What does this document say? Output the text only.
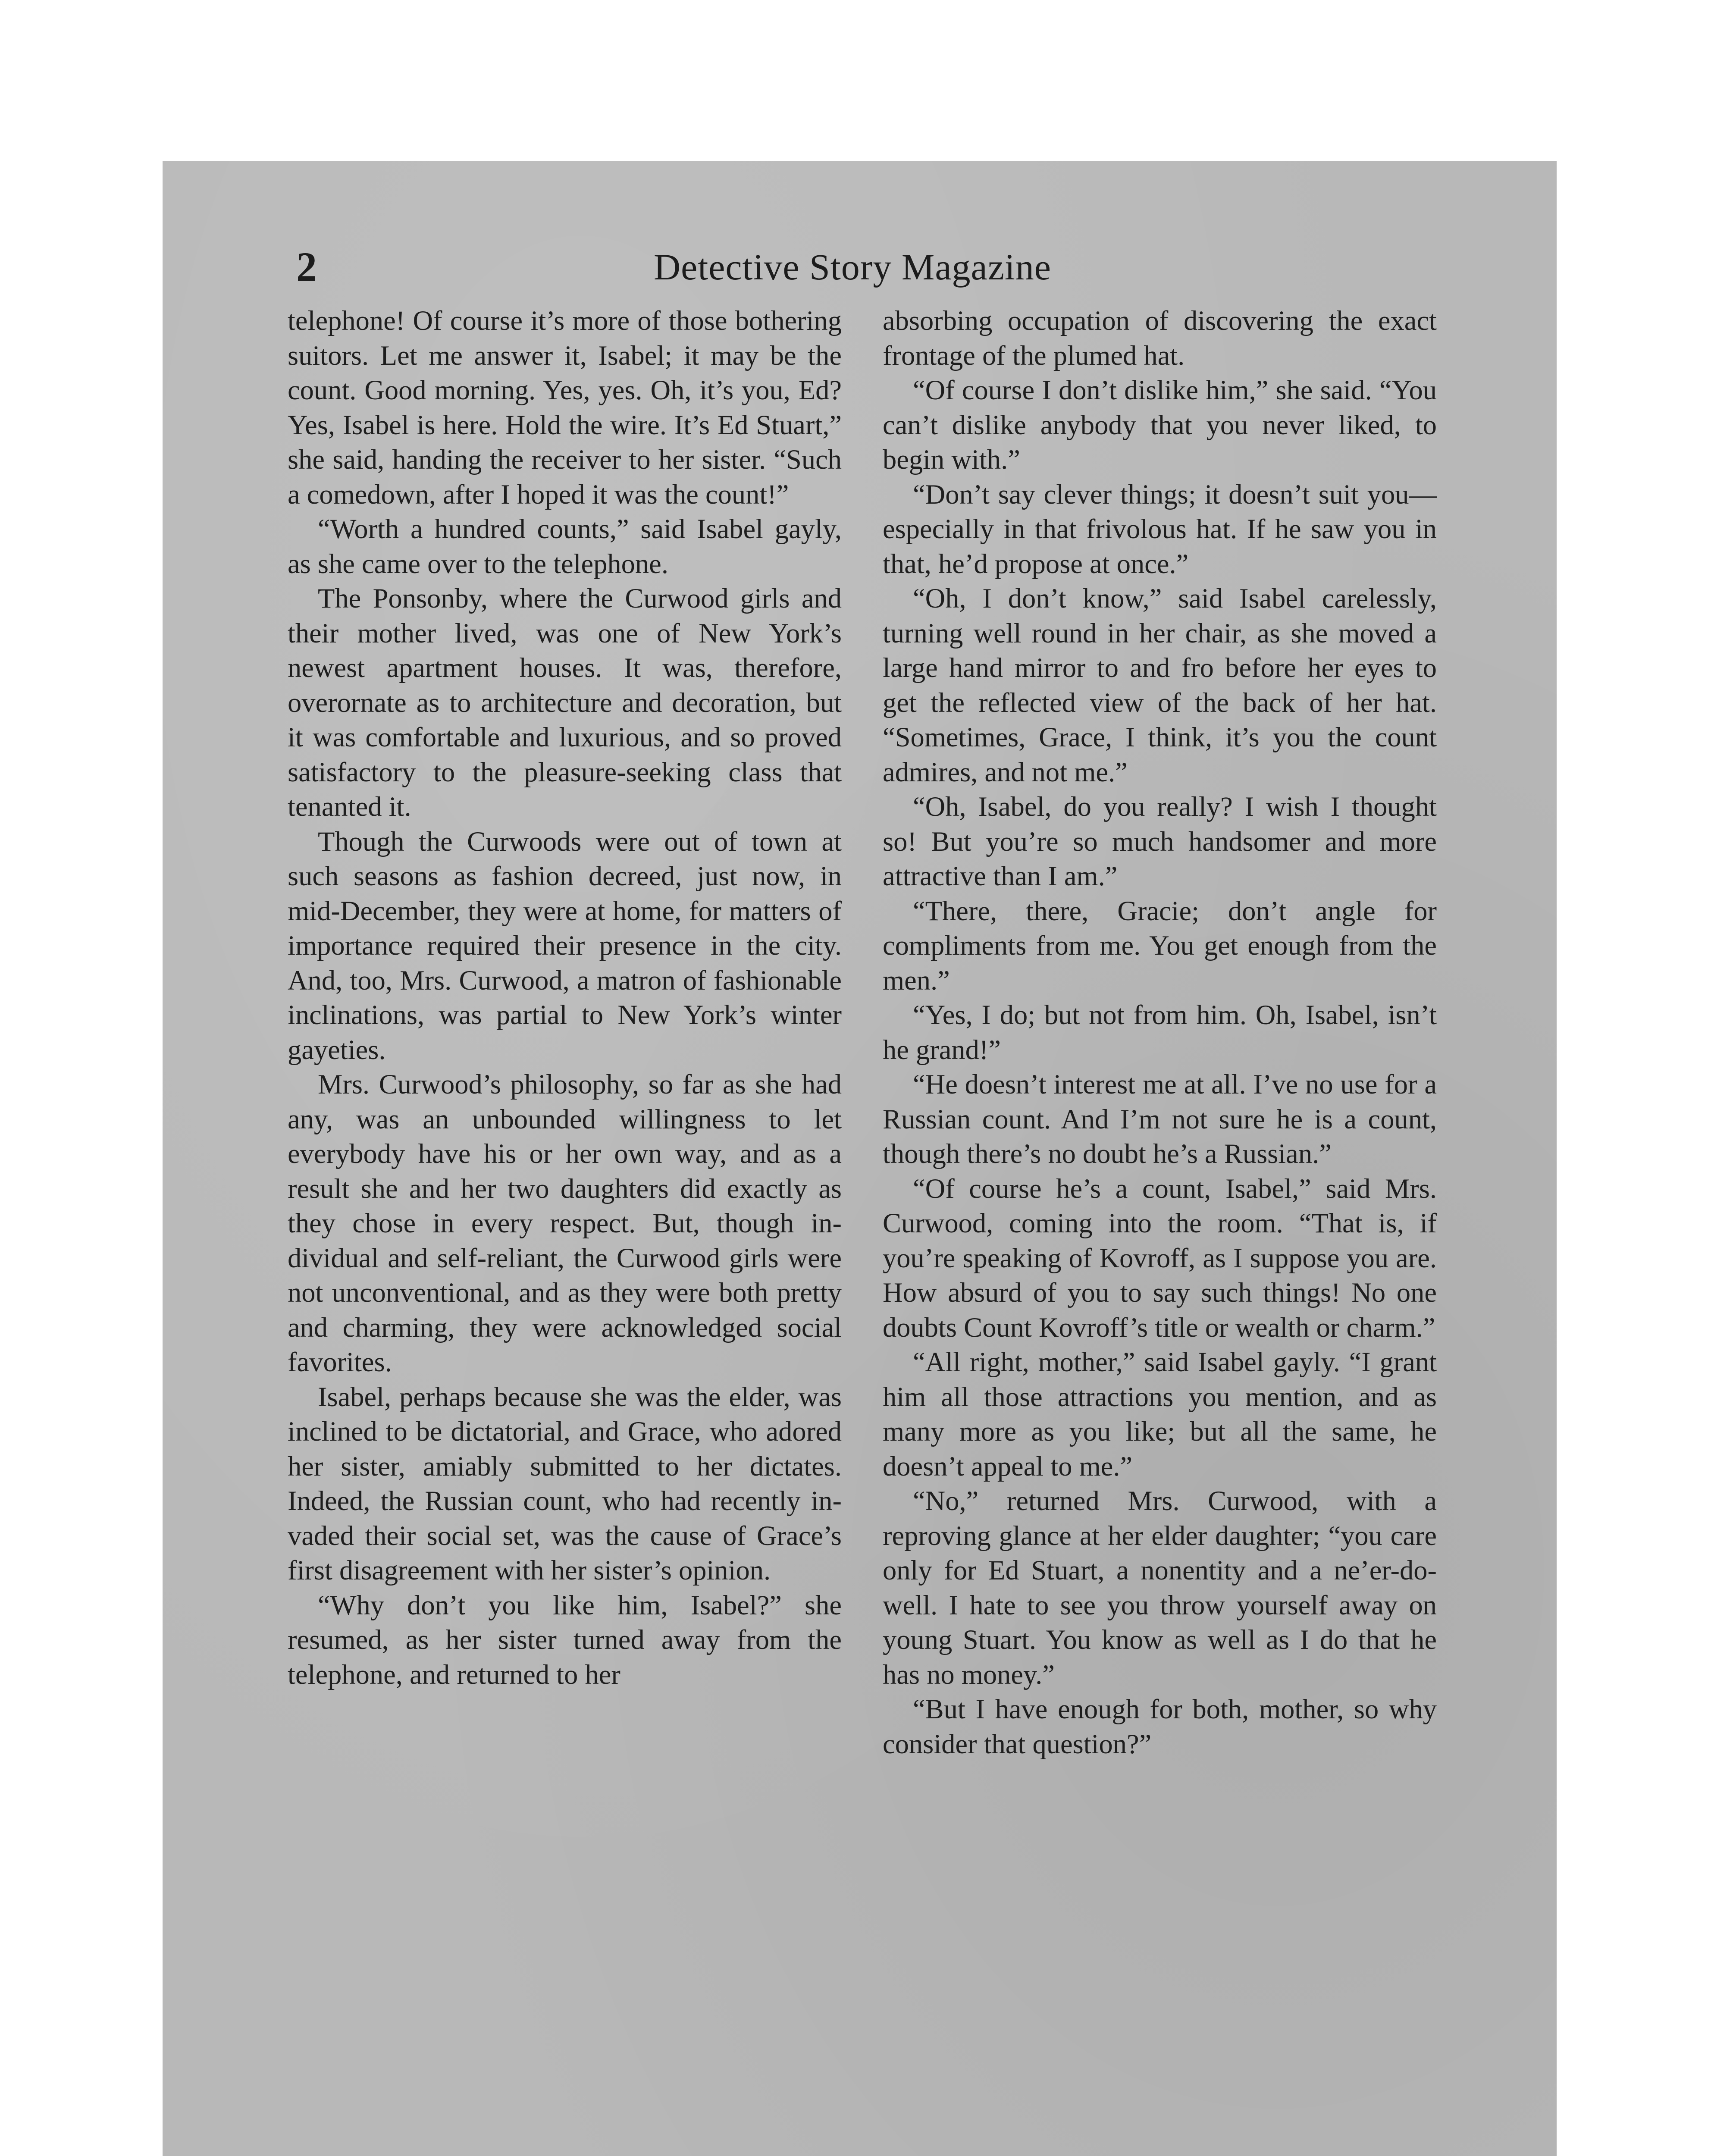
2	Detective Story Magazine

telephone! Of course it’s more of those bothering suitors. Let me answer it, Isabel; it may be the count. Good morning. Yes, yes. Oh, it’s you, Ed? Yes, Isabel is here. Hold the wire. It’s Ed Stuart,” she said, handing the receiver to her sister. “Such a comedown, after I hoped it was the count!”

“Worth a hundred counts,” said Isabel gayly, as she came over to the telephone.

The Ponsonby, where the Curwood girls and their mother lived, was one of New York’s newest apartment houses. It was, therefore, overornate as to architecture and decoration, but it was comfortable and luxurious, and so proved satisfactory to the pleasure-seeking class that tenanted it.

Though the Curwoods were out of town at such seasons as fashion decreed, just now, in mid-December, they were at home, for matters of importance required their presence in the city. And, too, Mrs. Curwood, a matron of fashionable inclinations, was partial to New York’s winter gayeties.

Mrs. Curwood’s philosophy, so far as she had any, was an unbounded willingness to let everybody have his or her own way, and as a result she and her two daughters did exactly as they chose in every respect. But, though individual and self-reliant, the Curwood girls were not unconventional, and as they were both pretty and charming, they were acknowledged social favorites.

Isabel, perhaps because she was the elder, was inclined to be dictatorial, and Grace, who adored her sister, amiably submitted to her dictates. Indeed, the Russian count, who had recently invaded their social set, was the cause of Grace’s first disagreement with her sister’s opinion.

“Why don’t you like him, Isabel?” she resumed, as her sister turned away from the telephone, and returned to her

absorbing occupation of discovering the exact frontage of the plumed hat.

“Of course I don’t dislike him,” she said. “You can’t dislike anybody that you never liked, to begin with.”

“Don’t say clever things; it doesn’t suit you—especially in that frivolous hat. If he saw you in that, he’d propose at once.”

“Oh, I don’t know,” said Isabel carelessly, turning well round in her chair, as she moved a large hand mirror to and fro before her eyes to get the reflected view of the back of her hat. “Sometimes, Grace, I think, it’s you the count admires, and not me.”

“Oh, Isabel, do you really? I wish I thought so! But you’re so much handsomer and more attractive than I am.”

“There, there, Gracie; don’t angle for compliments from me. You get enough from the men.”

“Yes, I do; but not from him. Oh, Isabel, isn’t he grand!”

“He doesn’t interest me at all. I’ve no use for a Russian count. And I’m not sure he is a count, though there’s no doubt he’s a Russian.”

“Of course he’s a count, Isabel,” said Mrs. Curwood, coming into the room. “That is, if you’re speaking of Kovroff, as I suppose you are. How absurd of you to say such things! No one doubts Count Kovroff’s title or wealth or charm.”

“All right, mother,” said Isabel gayly. “I grant him all those attractions you mention, and as many more as you like; but all the same, he doesn’t appeal to me.”

“No,” returned Mrs. Curwood, with a reproving glance at her elder daughter; “you care only for Ed Stuart, a nonentity and a ne’er-do-well. I hate to see you throw yourself away on young Stuart. You know as well as I do that he has no money.”

“But I have enough for both, mother, so why consider that question?”
